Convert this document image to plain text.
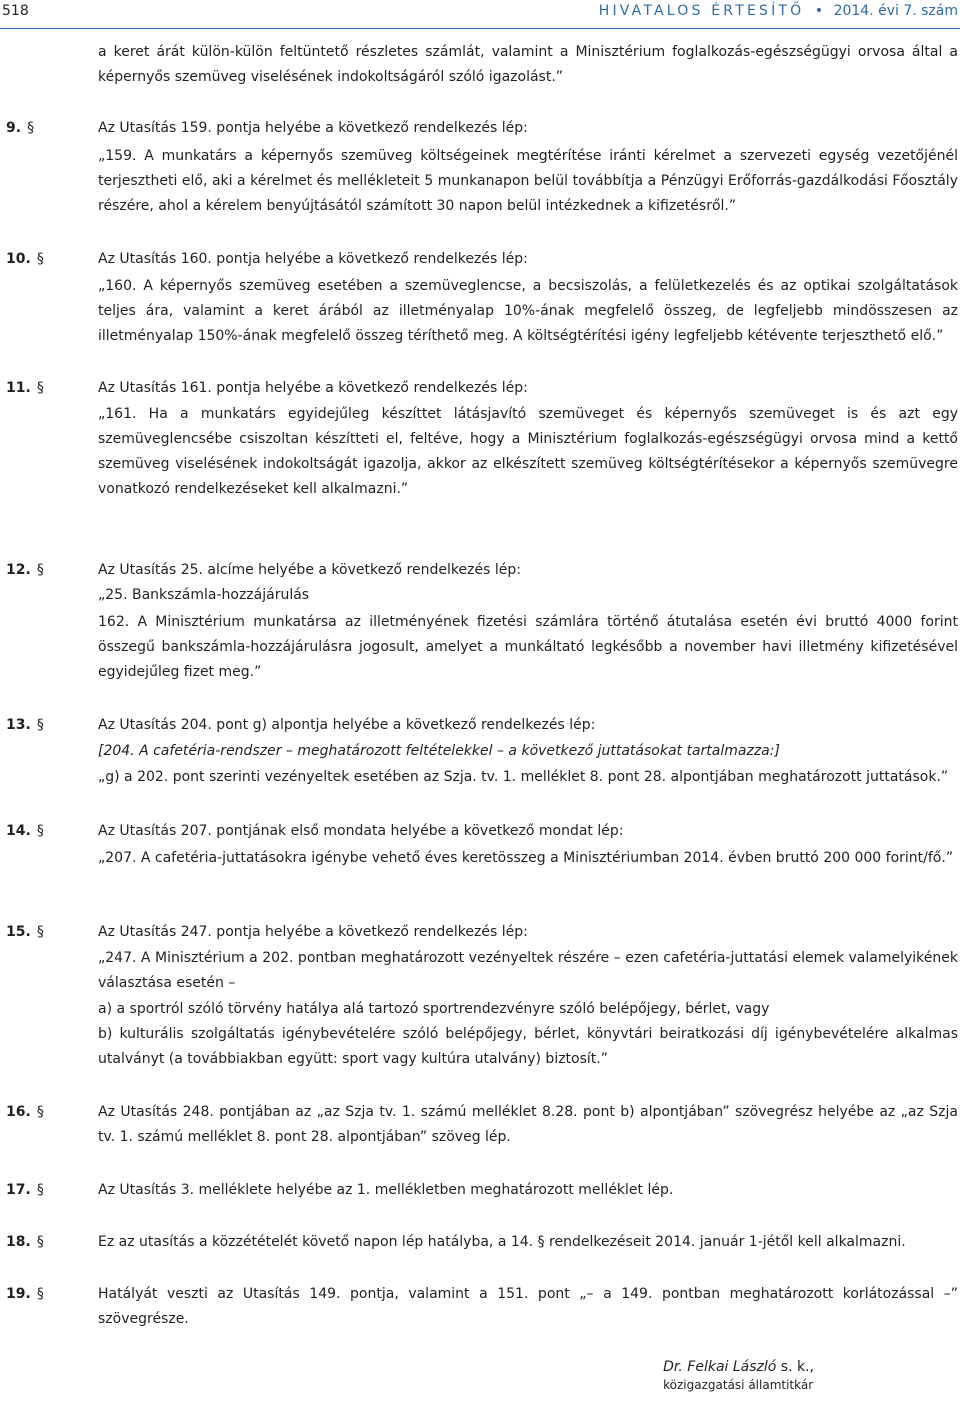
518	HIVATALOS ÉRTESÍTŐ • 2014. évi 7. szám

a keret árát külön-külön feltüntető részletes számlát, valamint a Minisztérium foglalkozás-egészségügyi orvosa által a képernyős szemüveg viselésének indokoltságáról szóló igazolást.”

9. §	Az Utasítás 159. pontja helyébe a következő rendelkezés lép:

„159. A munkatárs a képernyős szemüveg költségeinek megtérítése iránti kérelmet a szervezeti egység vezetőjénél terjesztheti elő, aki a kérelmet és mellékleteit 5 munkanapon belül továbbítja a Pénzügyi Erőforrás-gazdálkodási Főosztály részére, ahol a kérelem benyújtásától számított 30 napon belül intézkednek a kifizetésről.”

10. §	Az Utasítás 160. pontja helyébe a következő rendelkezés lép:

„160. A képernyős szemüveg esetében a szemüveglencse, a becsiszolás, a felületkezelés és az optikai szolgáltatások teljes ára, valamint a keret árából az illetményalap 10%-ának megfelelő összeg, de legfeljebb mindösszesen az illetményalap 150%-ának megfelelő összeg téríthető meg. A költségtérítési igény legfeljebb kétévente terjeszthető elő.”

11. §	Az Utasítás 161. pontja helyébe a következő rendelkezés lép:

„161. Ha a munkatárs egyidejűleg készíttet látásjavító szemüveget és képernyős szemüveget is és azt egy szemüveglencsébe csiszoltan készítteti el, feltéve, hogy a Minisztérium foglalkozás-egészségügyi orvosa mind a kettő szemüveg viselésének indokoltságát igazolja, akkor az elkészített szemüveg költségtérítésekor a képernyős szemüvegre vonatkozó rendelkezéseket kell alkalmazni.”

12. §	Az Utasítás 25. alcíme helyébe a következő rendelkezés lép:

„25. Bankszámla-hozzájárulás

162. A Minisztérium munkatársa az illetményének fizetési számlára történő átutalása esetén évi bruttó 4000 forint összegű bankszámla-hozzájárulásra jogosult, amelyet a munkáltató legkésőbb a november havi illetmény kifizetésével egyidejűleg fizet meg.”

13. §	Az Utasítás 204. pont g) alpontja helyébe a következő rendelkezés lép:

[204. A cafetéria-rendszer – meghatározott feltételekkel – a következő juttatásokat tartalmazza:]

„g) a 202. pont szerinti vezényeltek esetében az Szja. tv. 1. melléklet 8. pont 28. alpontjában meghatározott juttatások.”

14. §	Az Utasítás 207. pontjának első mondata helyébe a következő mondat lép:

„207. A cafetéria-juttatásokra igénybe vehető éves keretösszeg a Minisztériumban 2014. évben bruttó 200 000 forint/fő.”

15. §	Az Utasítás 247. pontja helyébe a következő rendelkezés lép:

„247. A Minisztérium a 202. pontban meghatározott vezényeltek részére – ezen cafetéria-juttatási elemek valamelyikének választása esetén –

a) a sportról szóló törvény hatálya alá tartozó sportrendezvényre szóló belépőjegy, bérlet, vagy

b) kulturális szolgáltatás igénybevételére szóló belépőjegy, bérlet, könyvtári beiratkozási díj igénybevételére alkalmas utalványt (a továbbiakban együtt: sport vagy kultúra utalvány) biztosít.”

16. §	Az Utasítás 248. pontjában az „az Szja tv. 1. számú melléklet 8.28. pont b) alpontjában” szövegrész helyébe az „az Szja tv. 1. számú melléklet 8. pont 28. alpontjában” szöveg lép.

17. §	Az Utasítás 3. melléklete helyébe az 1. mellékletben meghatározott melléklet lép.

18. §	Ez az utasítás a közzétételét követő napon lép hatályba, a 14. § rendelkezéseit 2014. január 1-jétől kell alkalmazni.

19. §	Hatályát veszti az Utasítás 149. pontja, valamint a 151. pont „– a 149. pontban meghatározott korlátozással –” szövegrésze.

Dr. Felkai László s. k.,
közigazgatási államtitkár
